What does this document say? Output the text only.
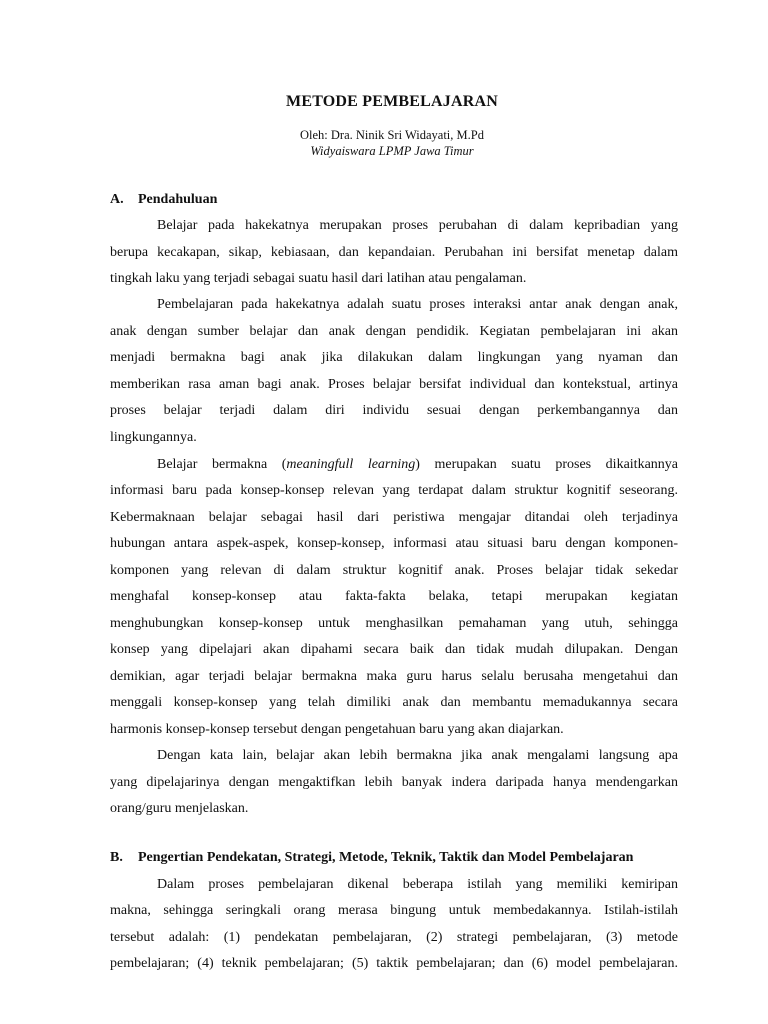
METODE PEMBELAJARAN
Oleh: Dra. Ninik Sri Widayati, M.Pd
Widyaiswara LPMP Jawa Timur
A. Pendahuluan
Belajar pada hakekatnya merupakan proses perubahan di dalam kepribadian yang
berupa kecakapan, sikap, kebiasaan, dan kepandaian. Perubahan ini bersifat menetap dalam
tingkah laku yang terjadi sebagai suatu hasil dari latihan atau pengalaman.
Pembelajaran pada hakekatnya adalah suatu proses interaksi antar anak dengan anak,
anak dengan sumber belajar dan anak dengan pendidik. Kegiatan pembelajaran ini akan
menjadi bermakna bagi anak jika dilakukan dalam lingkungan yang nyaman dan
memberikan rasa aman bagi anak. Proses belajar bersifat individual dan kontekstual, artinya
proses belajar terjadi dalam diri individu sesuai dengan perkembangannya dan
lingkungannya.
Belajar bermakna (meaningfull learning) merupakan suatu proses dikaitkannya
informasi baru pada konsep-konsep relevan yang terdapat dalam struktur kognitif seseorang.
Kebermaknaan belajar sebagai hasil dari peristiwa mengajar ditandai oleh terjadinya
hubungan antara aspek-aspek, konsep-konsep, informasi atau situasi baru dengan komponen-
komponen yang relevan di dalam struktur kognitif anak. Proses belajar tidak sekedar
menghafal konsep-konsep atau fakta-fakta belaka, tetapi merupakan kegiatan
menghubungkan konsep-konsep untuk menghasilkan pemahaman yang utuh, sehingga
konsep yang dipelajari akan dipahami secara baik dan tidak mudah dilupakan. Dengan
demikian, agar terjadi belajar bermakna maka guru harus selalu berusaha mengetahui dan
menggali konsep-konsep yang telah dimiliki anak dan membantu memadukannya secara
harmonis konsep-konsep tersebut dengan pengetahuan baru yang akan diajarkan.
Dengan kata lain, belajar akan lebih bermakna jika anak mengalami langsung apa
yang dipelajarinya dengan mengaktifkan lebih banyak indera daripada hanya mendengarkan
orang/guru menjelaskan.
B. Pengertian Pendekatan, Strategi, Metode, Teknik, Taktik dan Model Pembelajaran
Dalam proses pembelajaran dikenal beberapa istilah yang memiliki kemiripan
makna, sehingga seringkali orang merasa bingung untuk membedakannya. Istilah-istilah
tersebut adalah: (1) pendekatan pembelajaran, (2) strategi pembelajaran, (3) metode
pembelajaran; (4) teknik pembelajaran; (5) taktik pembelajaran; dan (6) model pembelajaran.
